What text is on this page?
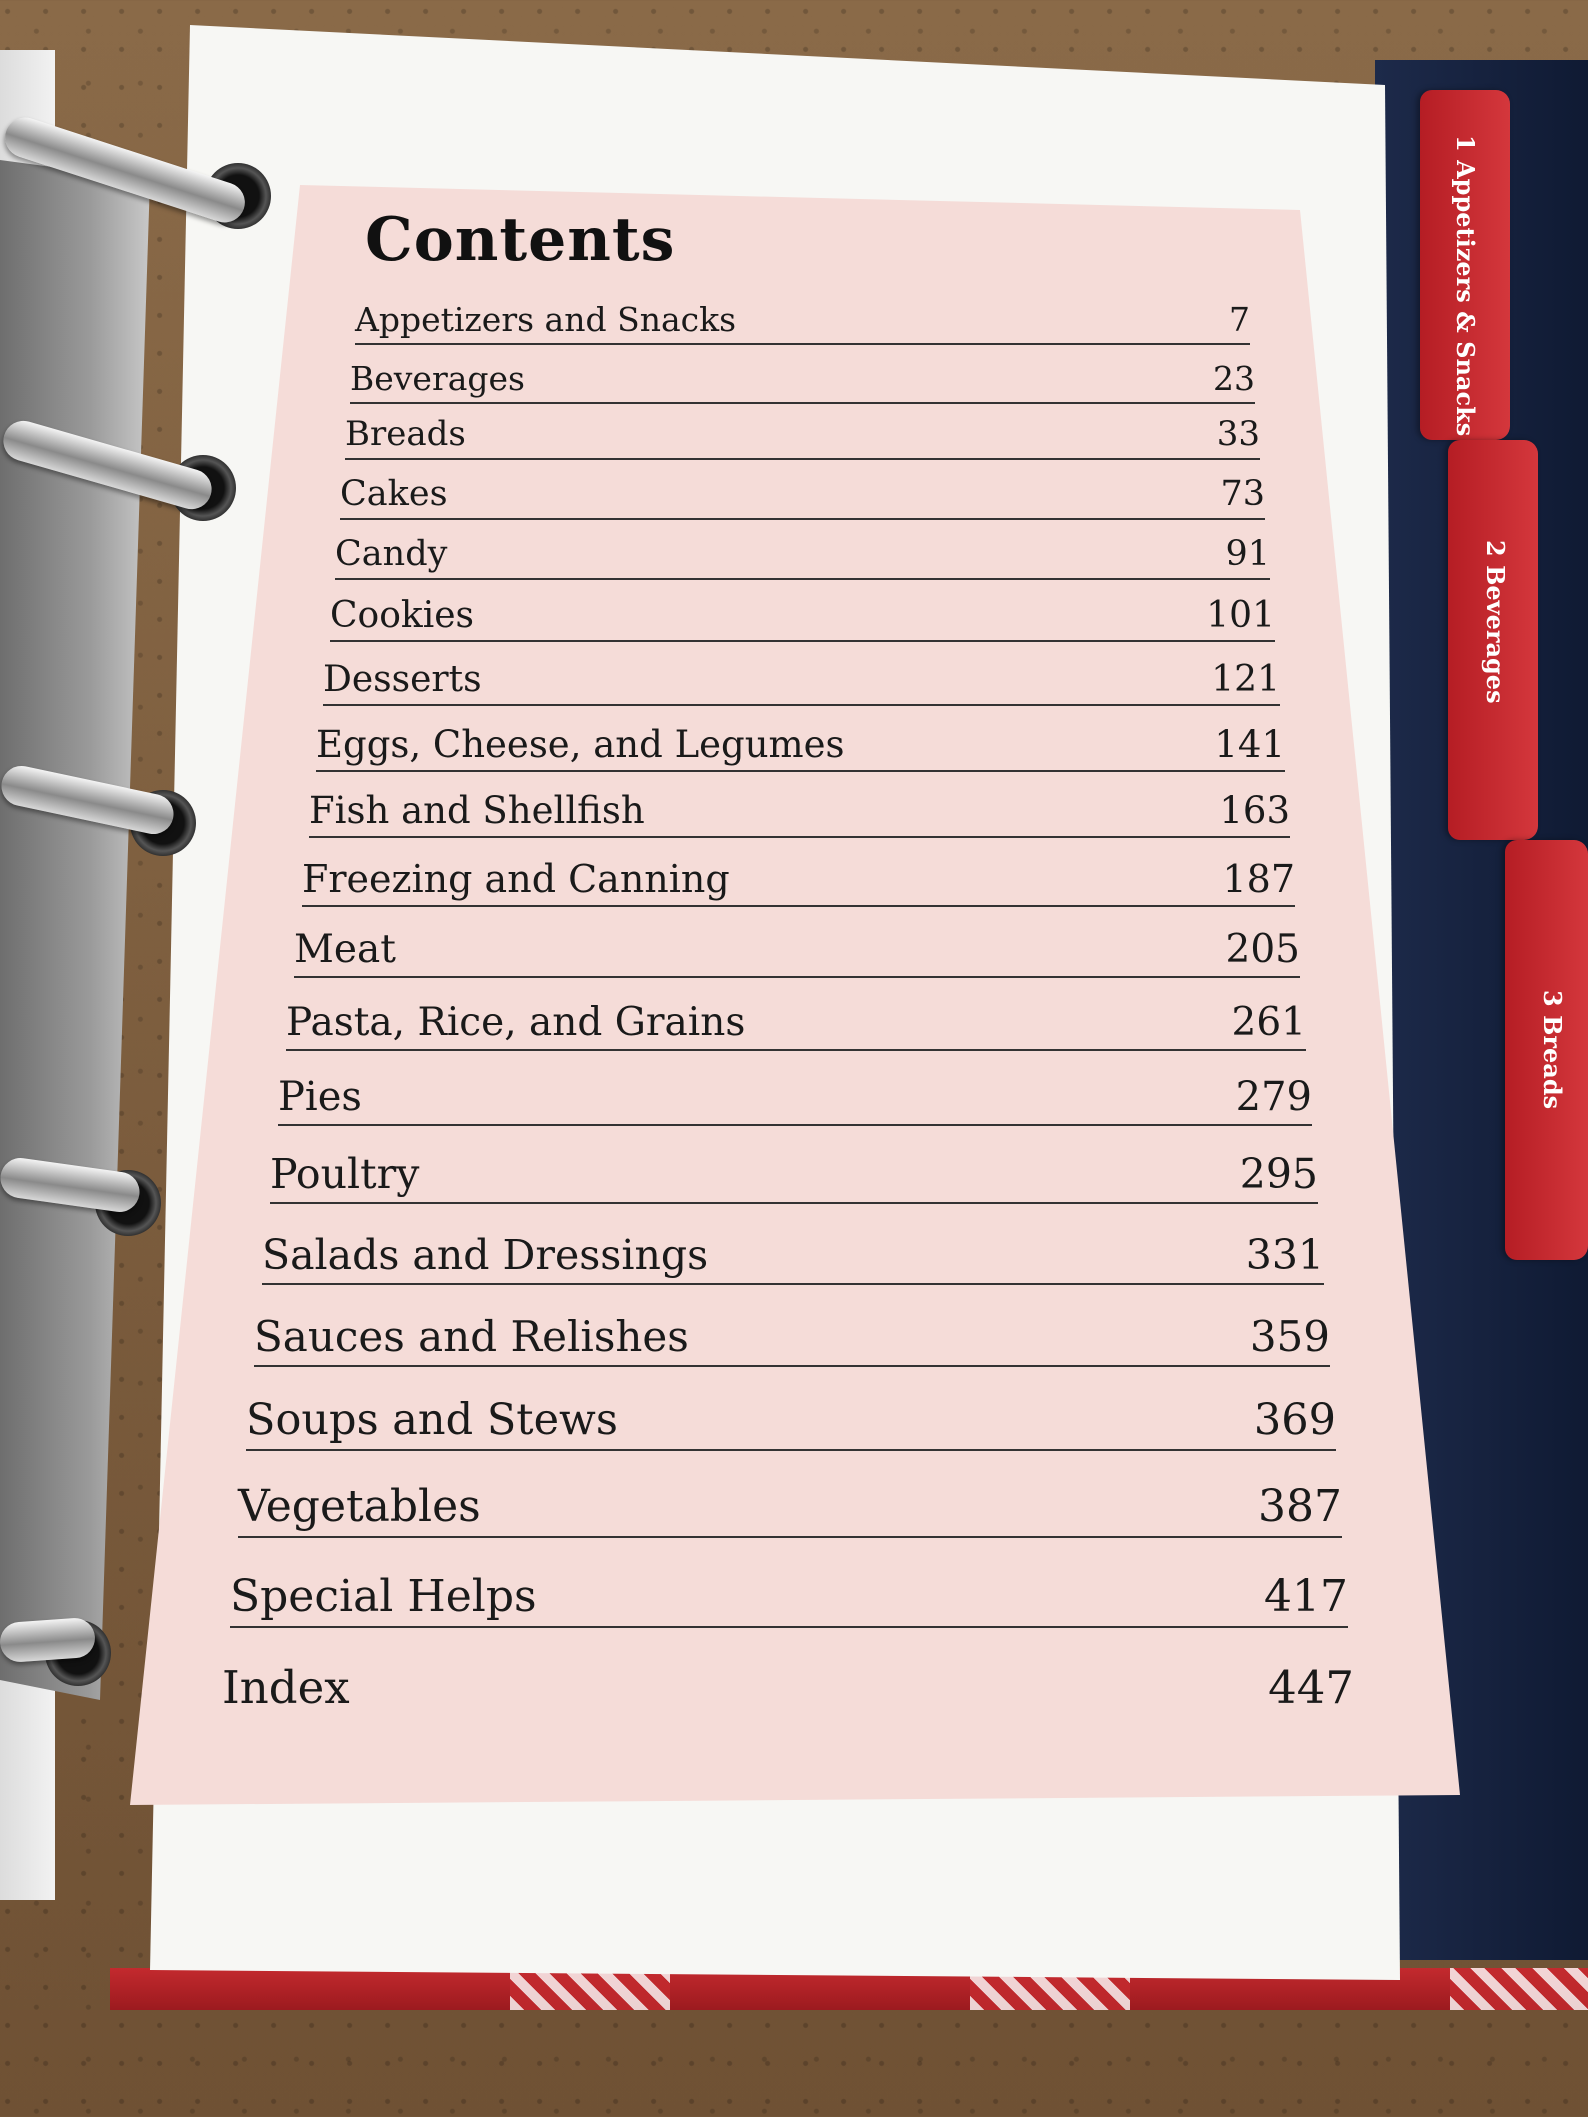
1 Appetizers & Snacks
2 Beverages
3 Breads
Contents
Appetizers and Snacks	7
Beverages	23
Breads	33
Cakes	73
Candy	91
Cookies	101
Desserts	121
Eggs, Cheese, and Legumes	141
Fish and Shellfish	163
Freezing and Canning	187
Meat	205
Pasta, Rice, and Grains	261
Pies	279
Poultry	295
Salads and Dressings	331
Sauces and Relishes	359
Soups and Stews	369
Vegetables	387
Special Helps	417
Index	447
